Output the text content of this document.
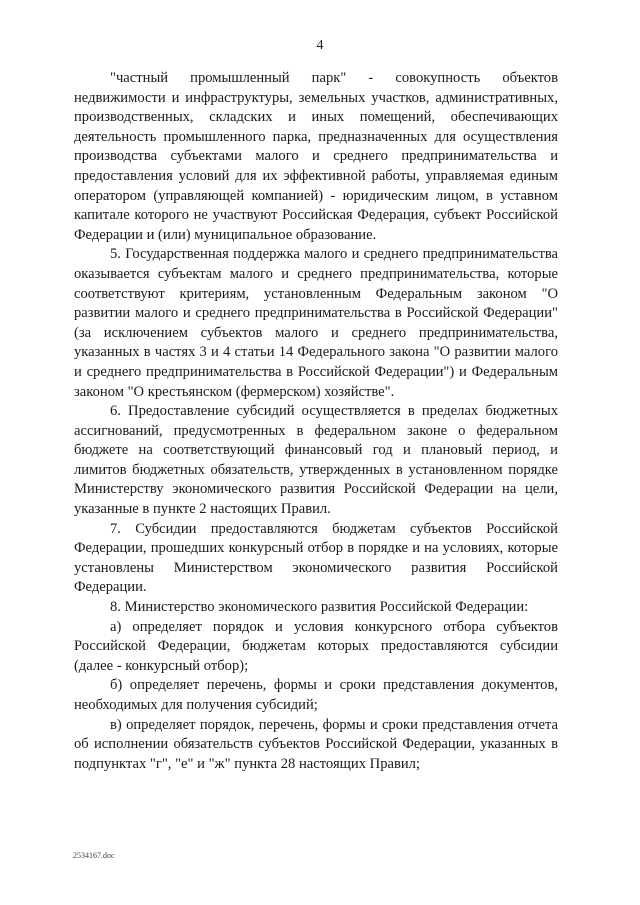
4

"частный промышленный парк" - совокупность объектов недвижимости и инфраструктуры, земельных участков, административных, производственных, складских и иных помещений, обеспечивающих деятельность промышленного парка, предназначенных для осуществления производства субъектами малого и среднего предпринимательства и предоставления условий для их эффективной работы, управляемая единым оператором (управляющей компанией) - юридическим лицом, в уставном капитале которого не участвуют Российская Федерация, субъект Российской Федерации и (или) муниципальное образование.

5. Государственная поддержка малого и среднего предпринимательства оказывается субъектам малого и среднего предпринимательства, которые соответствуют критериям, установленным Федеральным законом "О развитии малого и среднего предпринимательства в Российской Федерации" (за исключением субъектов малого и среднего предпринимательства, указанных в частях 3 и 4 статьи 14 Федерального закона "О развитии малого и среднего предпринимательства в Российской Федерации") и Федеральным законом "О крестьянском (фермерском) хозяйстве".

6. Предоставление субсидий осуществляется в пределах бюджетных ассигнований, предусмотренных в федеральном законе о федеральном бюджете на соответствующий финансовый год и плановый период, и лимитов бюджетных обязательств, утвержденных в установленном порядке Министерству экономического развития Российской Федерации на цели, указанные в пункте 2 настоящих Правил.

7. Субсидии предоставляются бюджетам субъектов Российской Федерации, прошедших конкурсный отбор в порядке и на условиях, которые установлены Министерством экономического развития Российской Федерации.

8. Министерство экономического развития Российской Федерации:

а) определяет порядок и условия конкурсного отбора субъектов Российской Федерации, бюджетам которых предоставляются субсидии (далее - конкурсный отбор);

б) определяет перечень, формы и сроки представления документов, необходимых для получения субсидий;

в) определяет порядок, перечень, формы и сроки представления отчета об исполнении обязательств субъектов Российской Федерации, указанных в подпунктах "г", "е" и "ж" пункта 28 настоящих Правил;

2534167.doc
